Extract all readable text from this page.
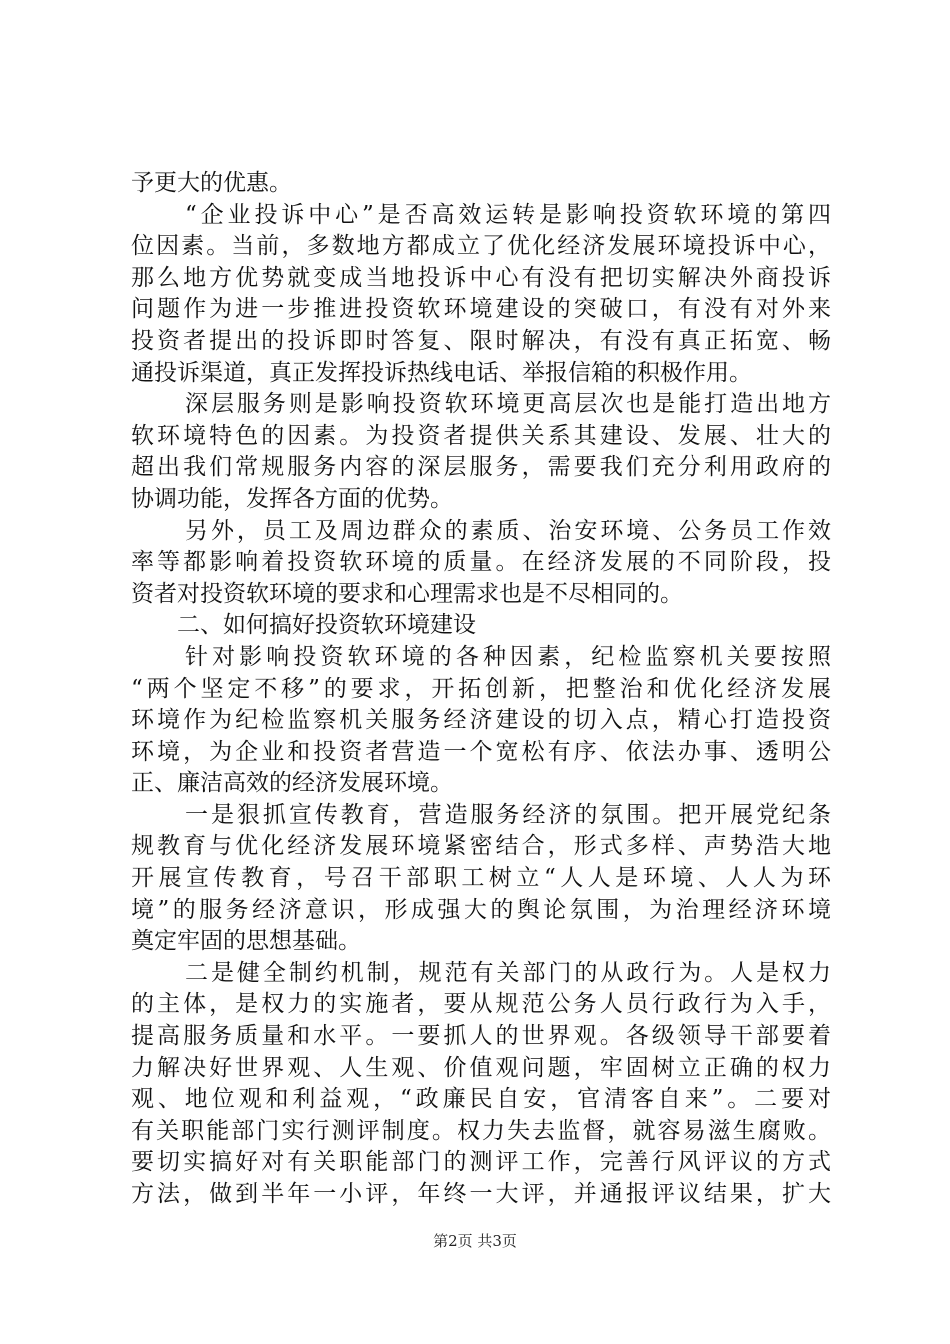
予更大的优惠。
“企业投诉中心”是否高效运转是影响投资软环境的第四
位因素。当前，多数地方都成立了优化经济发展环境投诉中心，
那么地方优势就变成当地投诉中心有没有把切实解决外商投诉
问题作为进一步推进投资软环境建设的突破口，有没有对外来
投资者提出的投诉即时答复、限时解决，有没有真正拓宽、畅
通投诉渠道，真正发挥投诉热线电话、举报信箱的积极作用。
深层服务则是影响投资软环境更高层次也是能打造出地方
软环境特色的因素。为投资者提供关系其建设、发展、壮大的
超出我们常规服务内容的深层服务，需要我们充分利用政府的
协调功能，发挥各方面的优势。
另外，员工及周边群众的素质、治安环境、公务员工作效
率等都影响着投资软环境的质量。在经济发展的不同阶段，投
资者对投资软环境的要求和心理需求也是不尽相同的。
二、如何搞好投资软环境建设
针对影响投资软环境的各种因素，纪检监察机关要按照
“两个坚定不移”的要求，开拓创新，把整治和优化经济发展
环境作为纪检监察机关服务经济建设的切入点，精心打造投资
环境，为企业和投资者营造一个宽松有序、依法办事、透明公
正、廉洁高效的经济发展环境。
一是狠抓宣传教育，营造服务经济的氛围。把开展党纪条
规教育与优化经济发展环境紧密结合，形式多样、声势浩大地
开展宣传教育，号召干部职工树立“人人是环境、人人为环
境”的服务经济意识，形成强大的舆论氛围，为治理经济环境
奠定牢固的思想基础。
二是健全制约机制，规范有关部门的从政行为。人是权力
的主体，是权力的实施者，要从规范公务人员行政行为入手，
提高服务质量和水平。一要抓人的世界观。各级领导干部要着
力解决好世界观、人生观、价值观问题，牢固树立正确的权力
观、地位观和利益观，“政廉民自安，官清客自来”。二要对
有关职能部门实行测评制度。权力失去监督，就容易滋生腐败。
要切实搞好对有关职能部门的测评工作，完善行风评议的方式
方法，做到半年一小评，年终一大评，并通报评议结果，扩大
第2页 共3页
